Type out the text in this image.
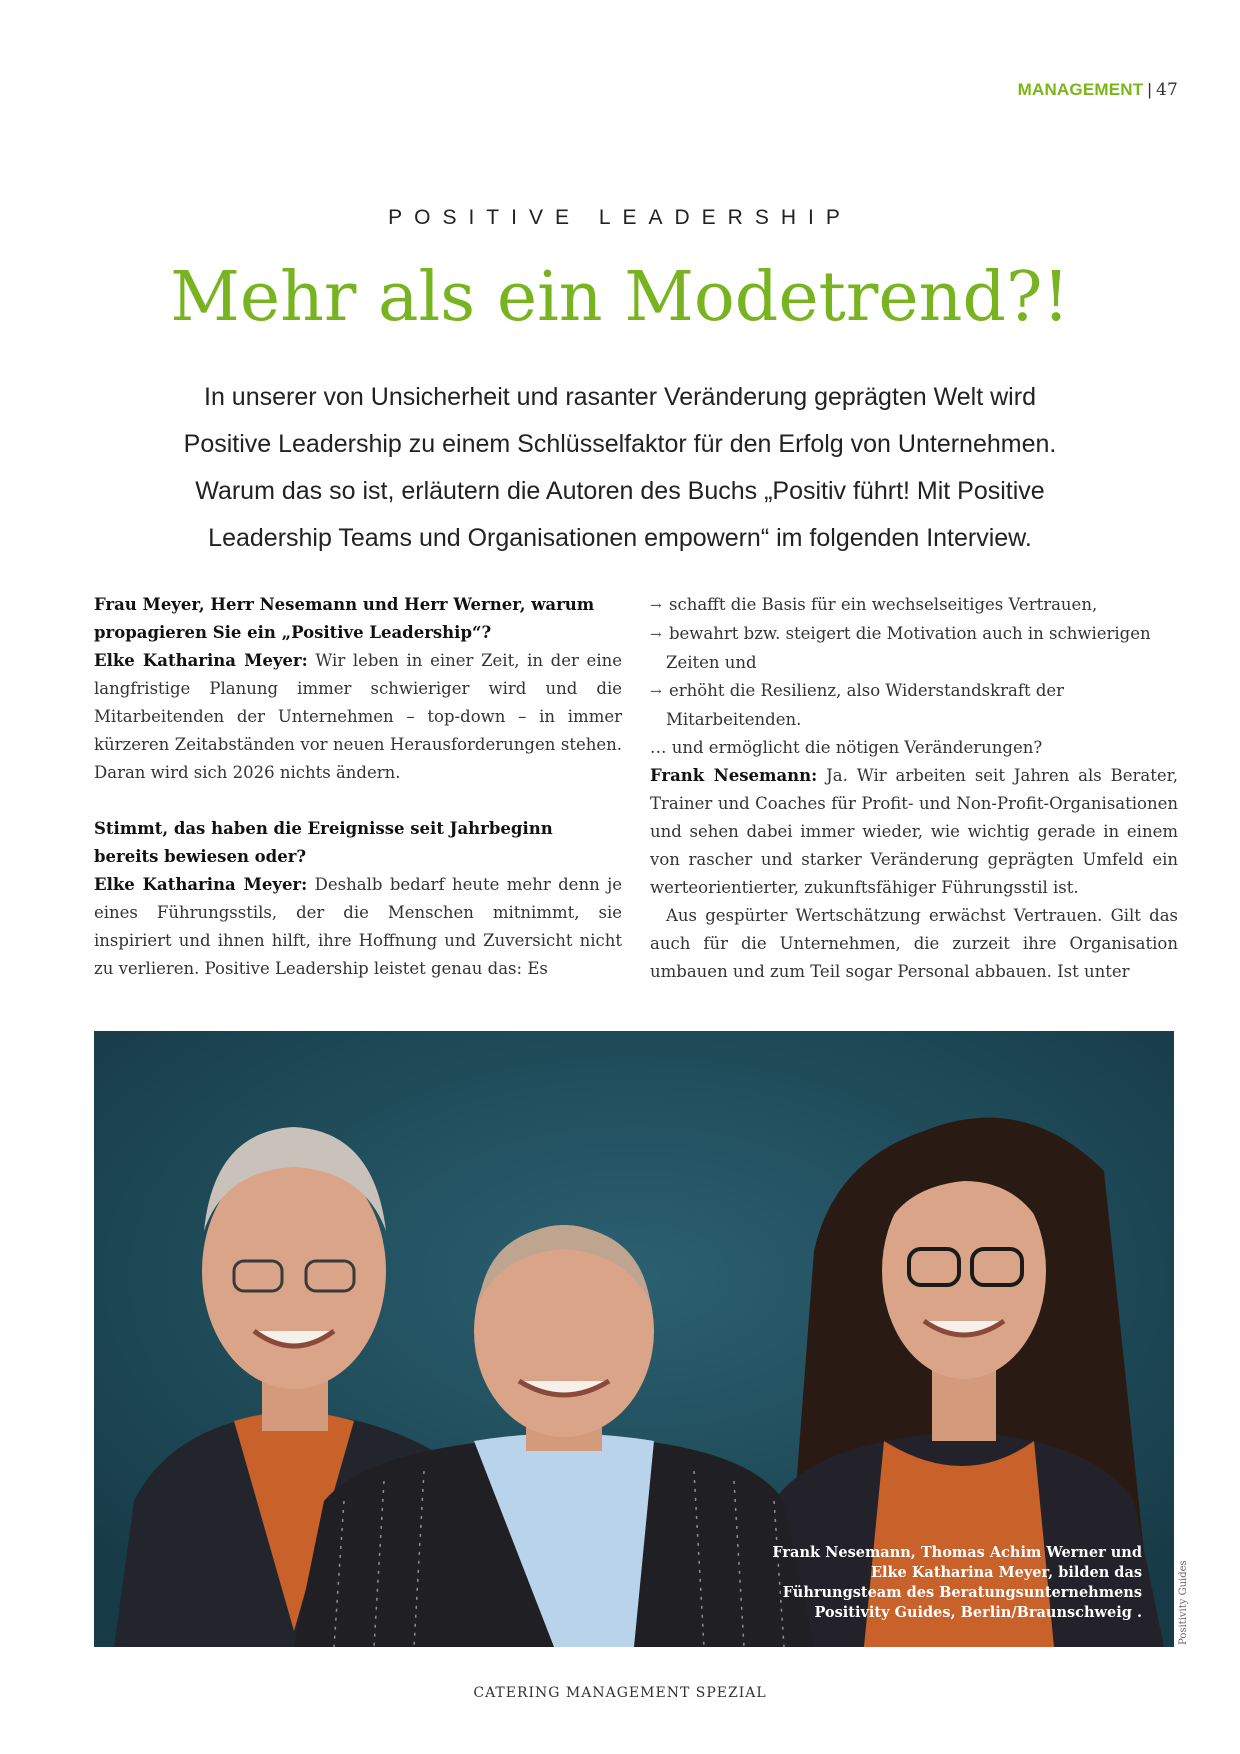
MANAGEMENT | 47
POSITIVE LEADERSHIP
Mehr als ein Modetrend?!

In unserer von Unsicherheit und rasanter Veränderung geprägten Welt wird Positive Leadership zu einem Schlüsselfaktor für den Erfolg von Unternehmen. Warum das so ist, erläutern die Autoren des Buchs „Positiv führt! Mit Positive Leadership Teams und Organisationen empowern“ im folgenden Interview.

Frau Meyer, Herr Nesemann und Herr Werner, warum propagieren Sie ein „Positive Leadership“?

Elke Katharina Meyer: Wir leben in einer Zeit, in der eine langfristige Planung immer schwieriger wird und die Mitarbeitenden der Unternehmen – top-down – in immer kürzeren Zeitabständen vor neuen Herausforderungen stehen. Daran wird sich 2026 nichts ändern.

Stimmt, das haben die Ereignisse seit Jahrbeginn bereits bewiesen oder?

Elke Katharina Meyer: Deshalb bedarf heute mehr denn je eines Führungsstils, der die Menschen mitnimmt, sie inspiriert und ihnen hilft, ihre Hoffnung und Zuversicht nicht zu verlieren. Positive Leadership leistet genau das: Es

→ schafft die Basis für ein wechselseitiges Vertrauen,
→ bewahrt bzw. steigert die Motivation auch in schwierigen Zeiten und
→ erhöht die Resilienz, also Widerstandskraft der Mitarbeitenden.

… und ermöglicht die nötigen Veränderungen?

Frank Nesemann: Ja. Wir arbeiten seit Jahren als Berater, Trainer und Coaches für Profit- und Non-Profit-Organisationen und sehen dabei immer wieder, wie wichtig gerade in einem von rascher und starker Veränderung geprägten Umfeld ein werteorientierter, zukunftsfähiger Führungsstil ist.

Aus gespürter Wertschätzung erwächst Vertrauen. Gilt das auch für die Unternehmen, die zurzeit ihre Organisation umbauen und zum Teil sogar Personal abbauen. Ist unter

Frank Nesemann, Thomas Achim Werner und Elke Katharina Meyer, bilden das Führungsteam des Beratungsunternehmens Positivity Guides, Berlin/Braunschweig .	Positivity Guides
CATERING MANAGEMENT SPEZIAL
